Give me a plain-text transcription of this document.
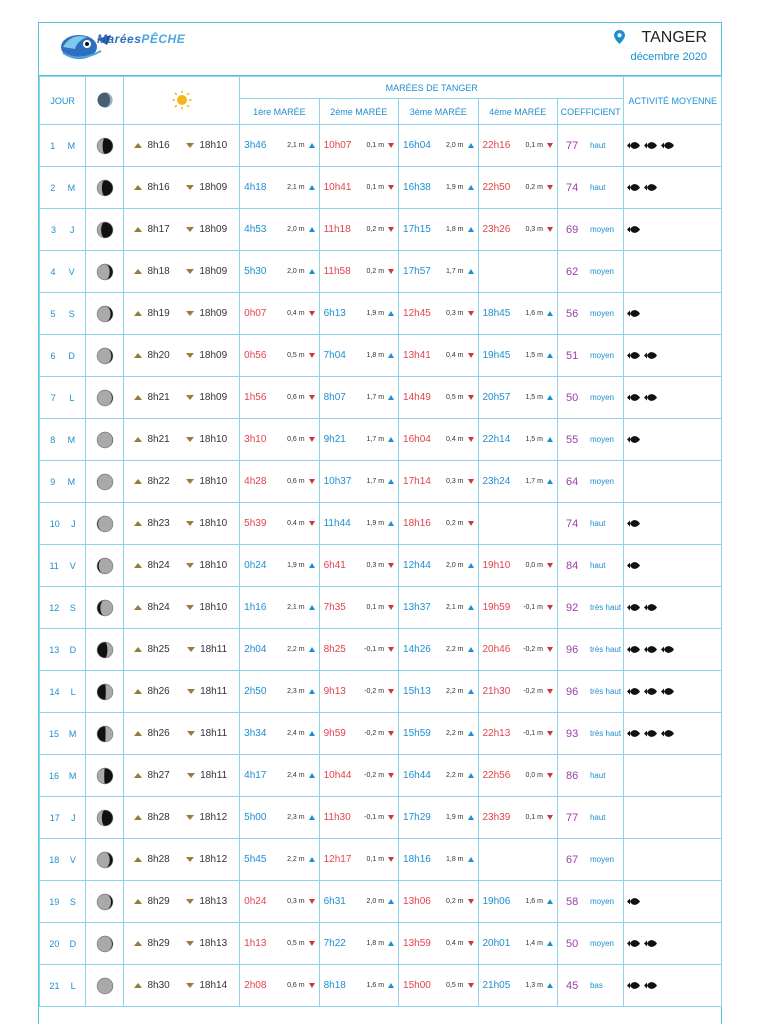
MaréesPÊCHE	TANGER
décembre 2020
JOUR			MARÉES DE TANGER					ACTIVITÉ MOYENNE
			1ère MARÉE	2ème MARÉE	3ème MARÉE	4ème MARÉE	COEFFICIENT	

1 M		8h16 18h10	3h46 2,1 m	10h07 0,1 m	16h04 2,0 m	22h16 0,1 m	77 haut

2 M		8h16 18h09	4h18 2,1 m	10h41 0,1 m	16h38 1,9 m	22h50 0,2 m	74 haut

3 J		8h17 18h09	4h53 2,0 m	11h18 0,2 m	17h15 1,8 m	23h26 0,3 m	69 moyen

4 V		8h18 18h09	5h30 2,0 m	11h58 0,2 m	17h57 1,7 m		62 moyen	

5 S		8h19 18h09	0h07 0,4 m	6h13 1,9 m	12h45 0,3 m	18h45 1,6 m	56 moyen

6 D		8h20 18h09	0h56 0,5 m	7h04 1,8 m	13h41 0,4 m	19h45 1,5 m	51 moyen

7 L		8h21 18h09	1h56 0,6 m	8h07 1,7 m	14h49 0,5 m	20h57 1,5 m	50 moyen

8 M		8h21 18h10	3h10 0,6 m	9h21 1,7 m	16h04 0,4 m	22h14 1,5 m	55 moyen

9 M		8h22 18h10	4h28 0,6 m	10h37 1,7 m	17h14 0,3 m	23h24 1,7 m	64 moyen	

10 J		8h23 18h10	5h39 0,4 m	11h44 1,9 m	18h16 0,2 m		74 haut

11 V		8h24 18h10	0h24 1,9 m	6h41 0,3 m	12h44 2,0 m	19h10 0,0 m	84 haut

12 S		8h24 18h10	1h16 2,1 m	7h35 0,1 m	13h37 2,1 m	19h59 -0,1 m	92 très haut

13 D		8h25 18h11	2h04 2,2 m	8h25 -0,1 m	14h26 2,2 m	20h46 -0,2 m	96 très haut

14 L		8h26 18h11	2h50 2,3 m	9h13 -0,2 m	15h13 2,2 m	21h30 -0,2 m	96 très haut

15 M		8h26 18h11	3h34 2,4 m	9h59 -0,2 m	15h59 2,2 m	22h13 -0,1 m	93 très haut

16 M		8h27 18h11	4h17 2,4 m	10h44 -0,2 m	16h44 2,2 m	22h56 0,0 m	86 haut	

17 J		8h28 18h12	5h00 2,3 m	11h30 -0,1 m	17h29 1,9 m	23h39 0,1 m	77 haut	

18 V		8h28 18h12	5h45 2,2 m	12h17 0,1 m	18h16 1,8 m		67 moyen	

19 S		8h29 18h13	0h24 0,3 m	6h31 2,0 m	13h06 0,2 m	19h06 1,6 m	58 moyen

20 D		8h29 18h13	1h13 0,5 m	7h22 1,8 m	13h59 0,4 m	20h01 1,4 m	50 moyen

21 L		8h30 18h14	2h08 0,6 m	8h18 1,6 m	15h00 0,5 m	21h05 1,3 m	45 bas
